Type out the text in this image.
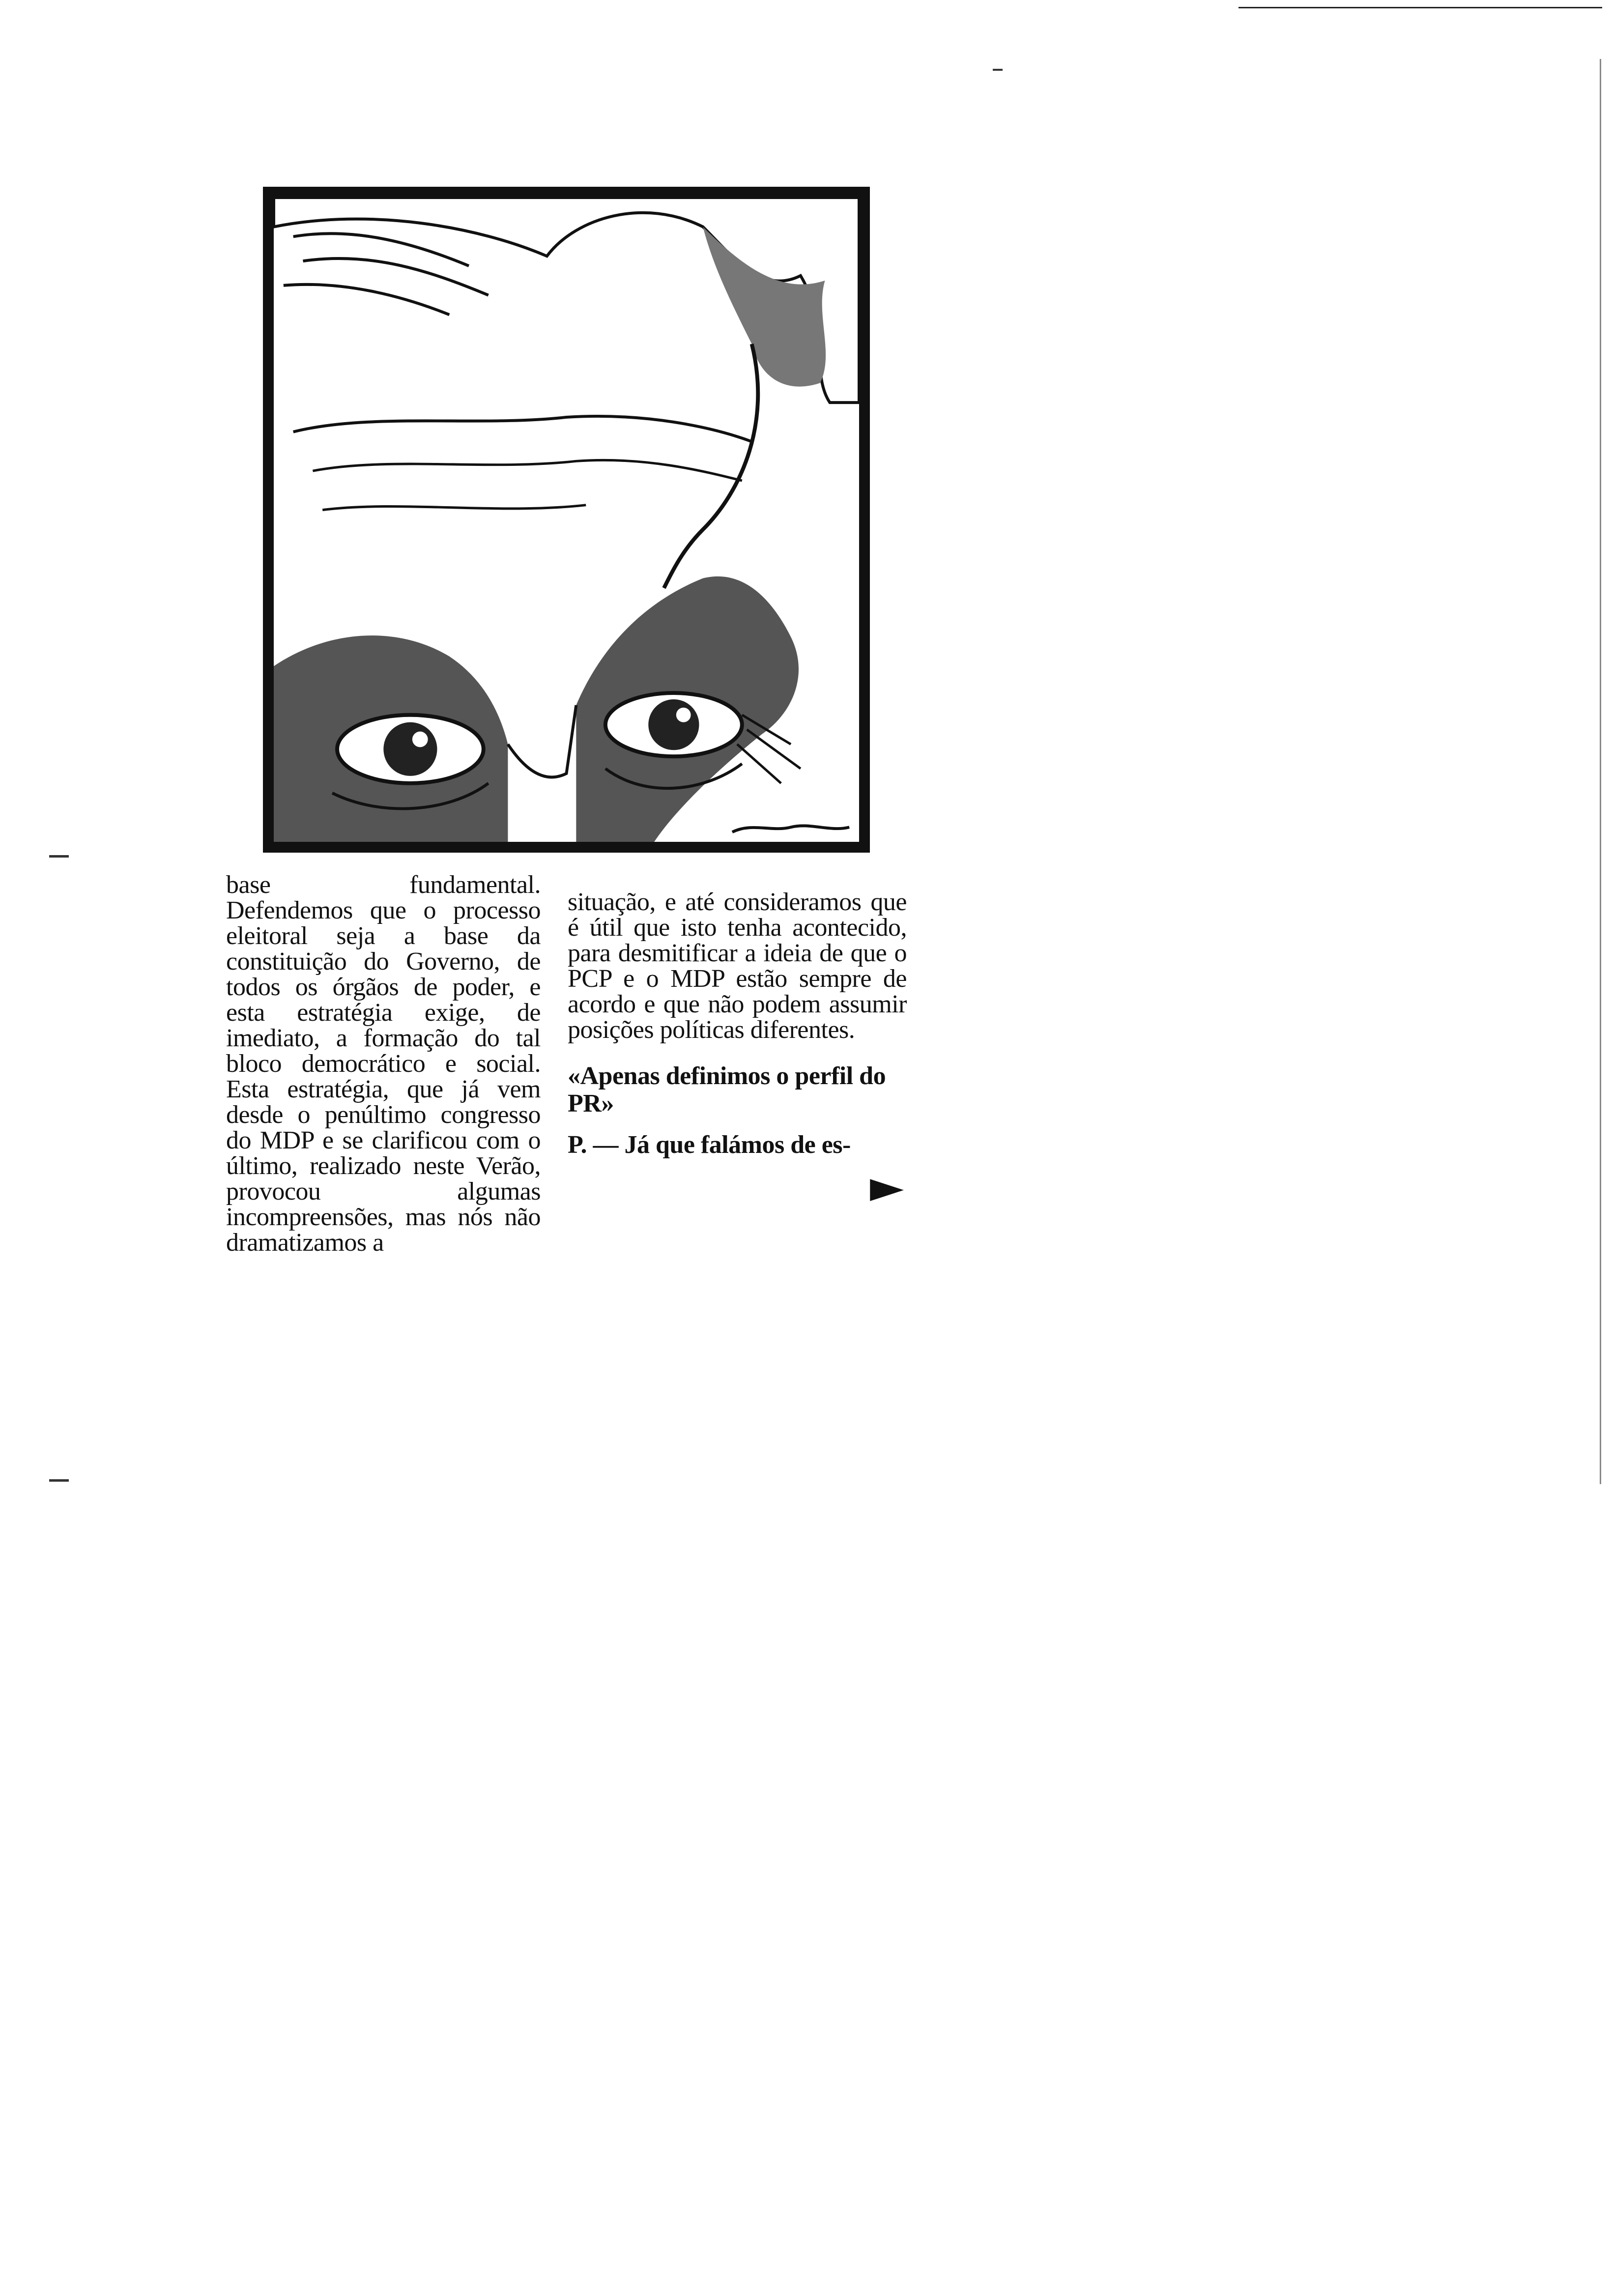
base fundamental. Defendemos que o processo eleitoral seja a base da constituição do Governo, de todos os órgãos de poder, e esta estratégia exige, de imediato, a formação do tal bloco democrático e social. Esta estratégia, que já vem desde o penúltimo congresso do MDP e se clarificou com o último, realizado neste Verão, provocou algumas incompreensões, mas nós não dramatizamos a

situação, e até consideramos que é útil que isto tenha acontecido, para desmitificar a ideia de que o PCP e o MDP estão sempre de acordo e que não podem assumir posições políticas diferentes.

«Apenas definimos o perfil do PR»
P. — Já que falámos de es-
►
